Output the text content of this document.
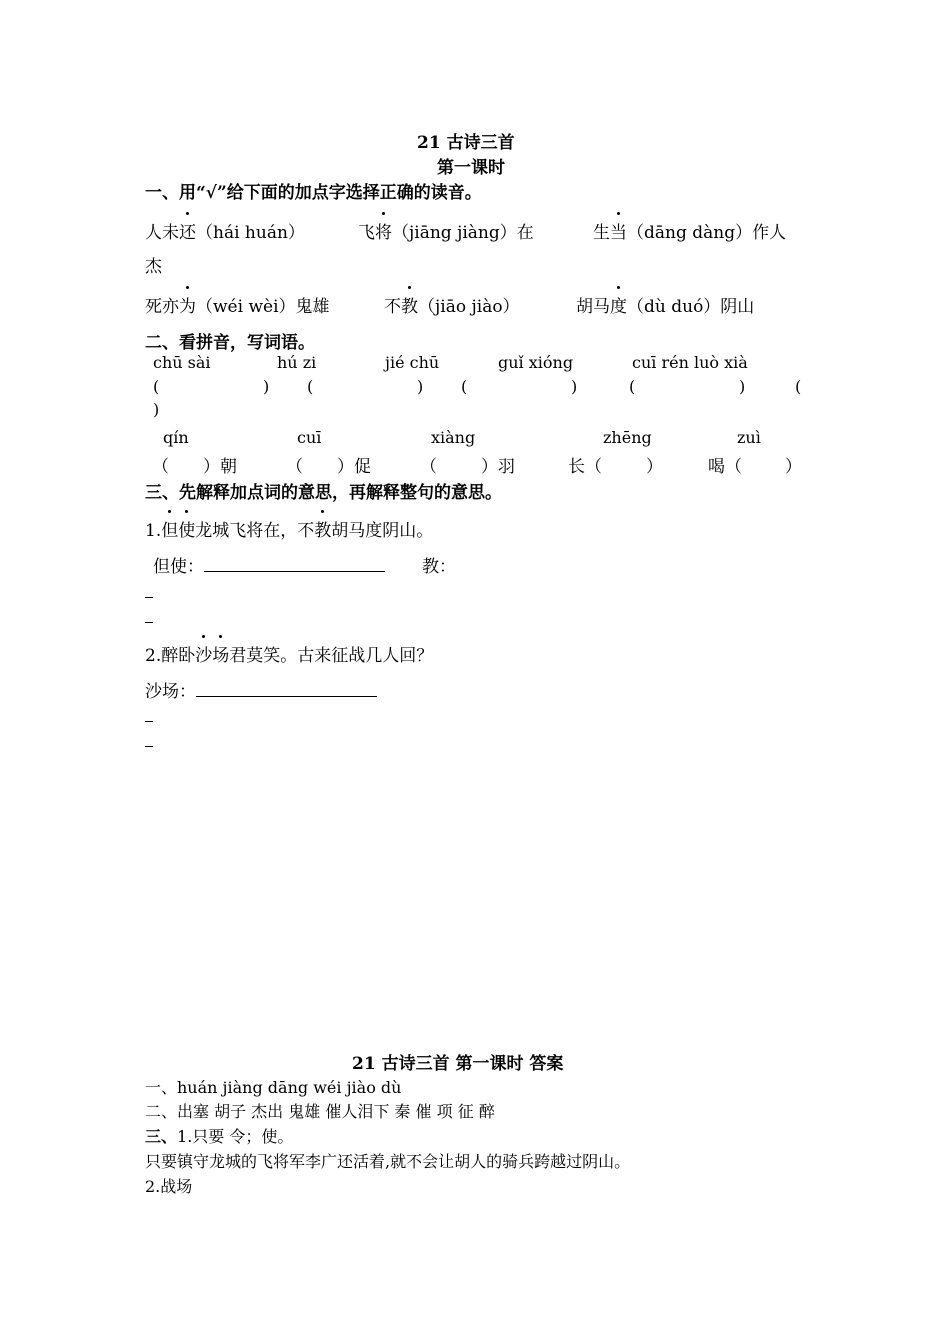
21 古诗三首
第一课时
一、用“√”给下面的加点字选择正确的读音。
人未还（hái huán）	飞将（jiāng jiàng）在	生当（dāng dàng）作人
杰
死亦为（wéi wèi）鬼雄	不教（jiāo jiào）	胡马度（dù duó）阴山
二、看拼音，写词语。
chū sài	hú zi	jié chū	guǐ xióng	cuī rén luò xià
(	) (	) (	)	(	)	(
)
qín	cuī	xiàng	zhēng	zuì
（ ）朝	（ ）促	（	）羽	长（	）	喝（	）
三、先解释加点词的意思，再解释整句的意思。
1.但使龙城飞将在，不教胡马度阴山。
但使：	教：
2.醉卧沙场君莫笑。古来征战几人回？
沙场：
21 古诗三首 第一课时 答案
一、huán jiàng dāng wéi jiào dù
二、出塞 胡子 杰出 鬼雄 催人泪下 秦 催 项 征 醉
三、1.只要 令；使。
只要镇守龙城的飞将军李广还活着,就不会让胡人的骑兵跨越过阴山。
2.战场
